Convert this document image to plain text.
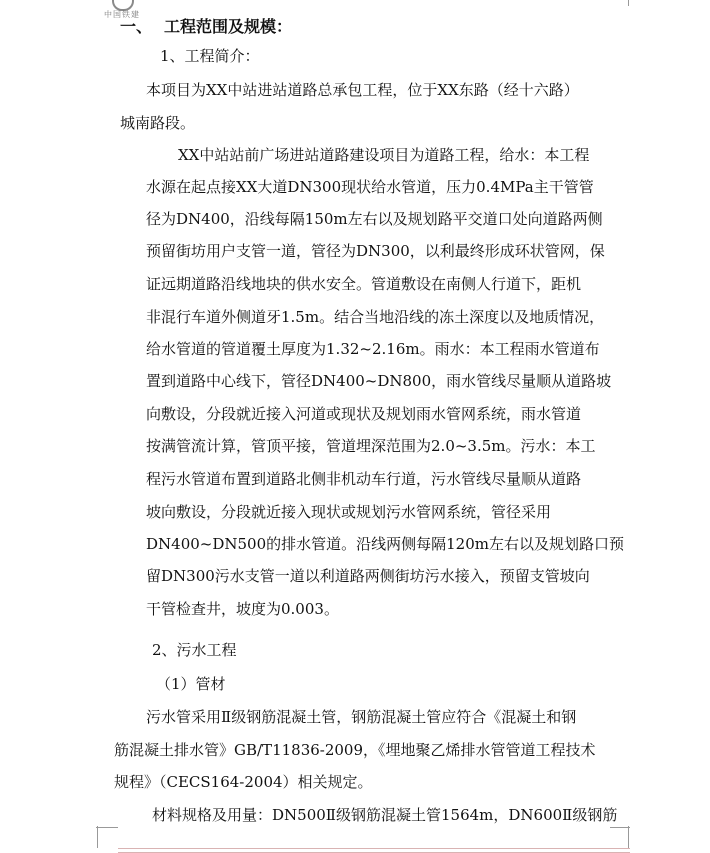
中国铁建
一、 工程范围及规模：
1、工程简介：
本项目为XX中站进站道路总承包工程，位于XX东路（经十六路）
城南路段。
XX中站站前广场进站道路建设项目为道路工程，给水：本工程
水源在起点接XX大道DN300现状给水管道，压力0.4MPa主干管管
径为DN400，沿线每隔150m左右以及规划路平交道口处向道路两侧
预留街坊用户支管一道，管径为DN300，以利最终形成环状管网，保
证远期道路沿线地块的供水安全。管道敷设在南侧人行道下，距机
非混行车道外侧道牙1.5m。结合当地沿线的冻土深度以及地质情况，
给水管道的管道覆土厚度为1.32~2.16m。雨水：本工程雨水管道布
置到道路中心线下，管径DN400~DN800，雨水管线尽量顺从道路坡
向敷设，分段就近接入河道或现状及规划雨水管网系统，雨水管道
按满管流计算，管顶平接，管道埋深范围为2.0~3.5m。污水：本工
程污水管道布置到道路北侧非机动车行道，污水管线尽量顺从道路
坡向敷设，分段就近接入现状或规划污水管网系统，管径采用
DN400~DN500的排水管道。沿线两侧每隔120m左右以及规划路口预
留DN300污水支管一道以利道路两侧街坊污水接入，预留支管坡向
干管检查井，坡度为0.003。
2、污水工程
（1）管材
污水管采用Ⅱ级钢筋混凝土管，钢筋混凝土管应符合《混凝土和钢
筋混凝土排水管》GB/T11836-2009，《埋地聚乙烯排水管管道工程技术
规程》（CECS164-2004）相关规定。
材料规格及用量：DN500Ⅱ级钢筋混凝土管1564m，DN600Ⅱ级钢筋
